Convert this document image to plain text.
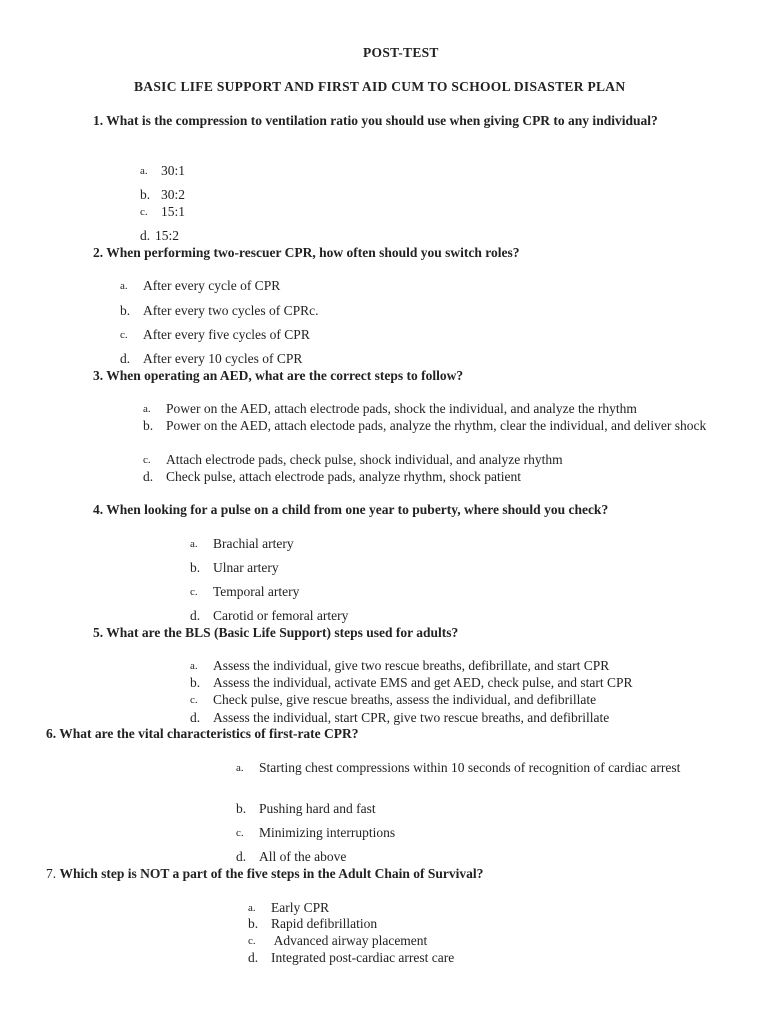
POST-TEST
BASIC LIFE SUPPORT AND FIRST AID CUM TO SCHOOL DISASTER PLAN
1. What is the compression to ventilation ratio you should use when giving CPR to any individual?
a. 30:1
b. 30:2
c. 15:1
d. 15:2
2. When performing two-rescuer CPR, how often should you switch roles?
a. After every cycle of CPR
b. After every two cycles of CPRc.
c. After every five cycles of CPR
d. After every 10 cycles of CPR
3. When operating an AED, what are the correct steps to follow?
a. Power on the AED, attach electrode pads, shock the individual, and analyze the rhythm
b. Power on the AED, attach electode pads, analyze the rhythm, clear the individual, and deliver shock
c. Attach electrode pads, check pulse, shock individual, and analyze rhythm
d. Check pulse, attach electrode pads, analyze rhythm, shock patient
4. When looking for a pulse on a child from one year to puberty, where should you check?
a. Brachial artery
b. Ulnar artery
c. Temporal artery
d. Carotid or femoral artery
5. What are the BLS (Basic Life Support) steps used for adults?
a. Assess the individual, give two rescue breaths, defibrillate, and start CPR
b. Assess the individual, activate EMS and get AED, check pulse, and start CPR
c. Check pulse, give rescue breaths, assess the individual, and defibrillate
d. Assess the individual, start CPR, give two rescue breaths, and defibrillate
6. What are the vital characteristics of first-rate CPR?
a. Starting chest compressions within 10 seconds of recognition of cardiac arrest
b. Pushing hard and fast
c. Minimizing interruptions
d. All of the above
7. Which step is NOT a part of the five steps in the Adult Chain of Survival?
a. Early CPR
b. Rapid defibrillation
c. Advanced airway placement
d. Integrated post-cardiac arrest care
